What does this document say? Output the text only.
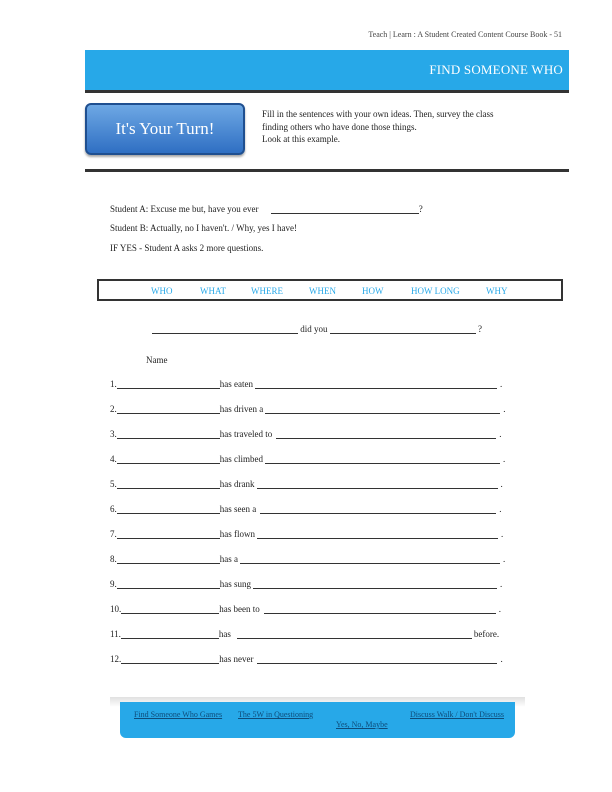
Teach | Learn : A Student Created Content Course Book - 51
FIND SOMEONE WHO
It's Your Turn!
Fill in the sentences with your own ideas. Then, survey the class
finding others who have done those things.
Look at this example.
Student A: Excuse me but, have you ever	?
Student B: Actually, no I haven't. / Why, yes I have!
IF YES - Student A asks 2 more questions.
WHO	WHAT	WHERE	WHEN	HOW	HOW LONG	WHY
did you	?
Name
1.	has eaten	.
2.	has driven a	.
3.	has traveled to	.
4.	has climbed	.
5.	has drank	.
6.	has seen a	.
7.	has flown	.
8.	has a	.
9.	has sung	.
10.	has been to	.
11.	has	before.
12.	has never	.
Find Someone Who Games The 5W in Questioning
Yes, No, Maybe
Discuss Walk / Don't Discuss
